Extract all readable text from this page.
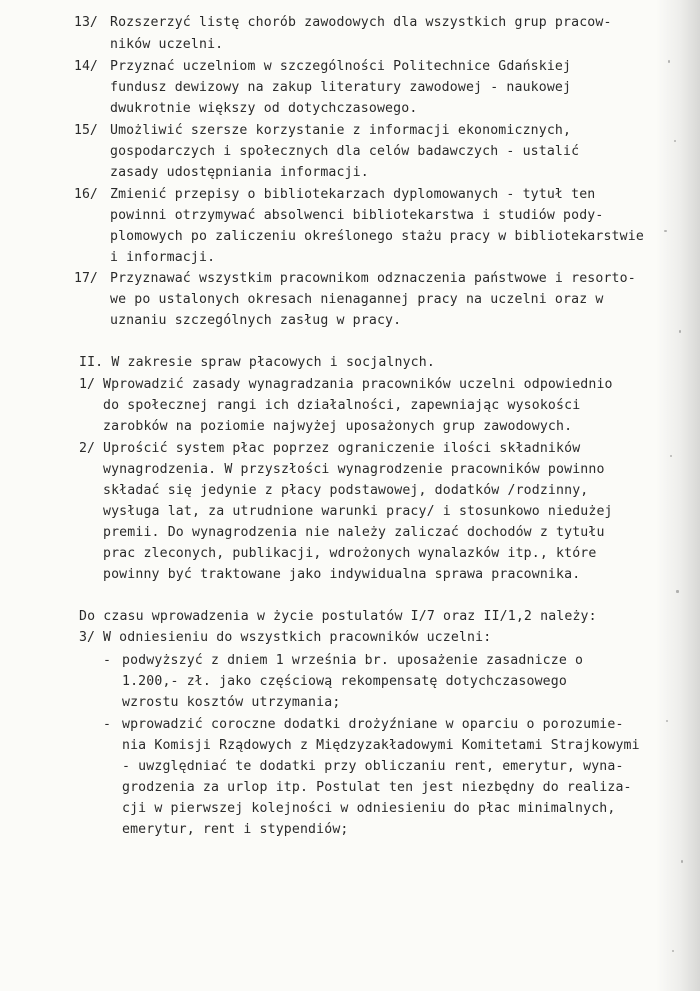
13/ Rozszerzyć listę chorób zawodowych dla wszystkich grup pracow-
ników uczelni.
14/ Przyznać uczelniom w szczególności Politechnice Gdańskiej
fundusz dewizowy na zakup literatury zawodowej - naukowej
dwukrotnie większy od dotychczasowego.
15/ Umożliwić szersze korzystanie z informacji ekonomicznych,
gospodarczych i społecznych dla celów badawczych - ustalić
zasady udostępniania informacji.
16/ Zmienić przepisy o bibliotekarzach dyplomowanych - tytuł ten
powinni otrzymywać absolwenci bibliotekarstwa i studiów pody-
plomowych po zaliczeniu określonego stażu pracy w bibliotekarstwie
i informacji.
17/ Przyznawać wszystkim pracownikom odznaczenia państwowe i resorto-
we po ustalonych okresach nienagannej pracy na uczelni oraz w
uznaniu szczególnych zasług w pracy.
II. W zakresie spraw płacowych i socjalnych.
1/ Wprowadzić zasady wynagradzania pracowników uczelni odpowiednio
do społecznej rangi ich działalności, zapewniając wysokości
zarobków na poziomie najwyżej uposażonych grup zawodowych.
2/ Uprościć system płac poprzez ograniczenie ilości składników
wynagrodzenia. W przyszłości wynagrodzenie pracowników powinno
składać się jedynie z płacy podstawowej, dodatków /rodzinny,
wysługa lat, za utrudnione warunki pracy/ i stosunkowo niedużej
premii. Do wynagrodzenia nie należy zaliczać dochodów z tytułu
prac zleconych, publikacji, wdrożonych wynalazków itp., które
powinny być traktowane jako indywidualna sprawa pracownika.
Do czasu wprowadzenia w życie postulatów I/7 oraz II/1,2 należy:
3/ W odniesieniu do wszystkich pracowników uczelni:
- podwyższyć z dniem 1 września br. uposażenie zasadnicze o
1.200,- zł. jako częściową rekompensatę dotychczasowego
wzrostu kosztów utrzymania;
- wprowadzić coroczne dodatki drożyźniane w oparciu o porozumie-
nia Komisji Rządowych z Międzyzakładowymi Komitetami Strajkowymi
- uwzględniać te dodatki przy obliczaniu rent, emerytur, wyna-
grodzenia za urlop itp. Postulat ten jest niezbędny do realiza-
cji w pierwszej kolejności w odniesieniu do płac minimalnych,
emerytur, rent i stypendiów;
